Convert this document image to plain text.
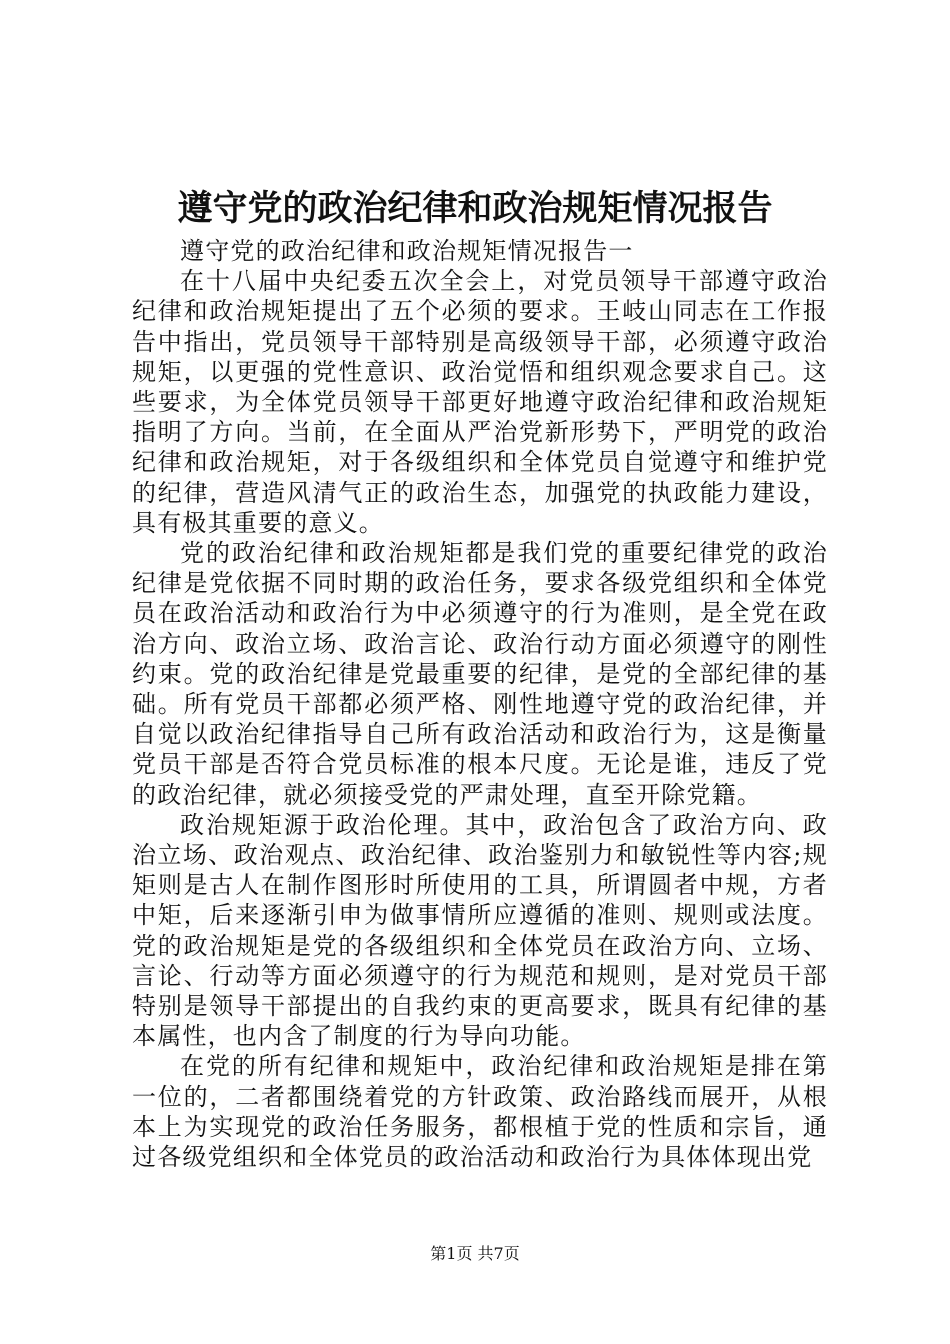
遵守党的政治纪律和政治规矩情况报告

遵守党的政治纪律和政治规矩情况报告一

在十八届中央纪委五次全会上，对党员领导干部遵守政治纪律和政治规矩提出了五个必须的要求。王岐山同志在工作报告中指出，党员领导干部特别是高级领导干部，必须遵守政治规矩，以更强的党性意识、政治觉悟和组织观念要求自己。这些要求，为全体党员领导干部更好地遵守政治纪律和政治规矩指明了方向。当前，在全面从严治党新形势下，严明党的政治纪律和政治规矩，对于各级组织和全体党员自觉遵守和维护党的纪律，营造风清气正的政治生态，加强党的执政能力建设，具有极其重要的意义。

党的政治纪律和政治规矩都是我们党的重要纪律党的政治纪律是党依据不同时期的政治任务，要求各级党组织和全体党员在政治活动和政治行为中必须遵守的行为准则，是全党在政治方向、政治立场、政治言论、政治行动方面必须遵守的刚性约束。党的政治纪律是党最重要的纪律，是党的全部纪律的基础。所有党员干部都必须严格、刚性地遵守党的政治纪律，并自觉以政治纪律指导自己所有政治活动和政治行为，这是衡量党员干部是否符合党员标准的根本尺度。无论是谁，违反了党的政治纪律，就必须接受党的严肃处理，直至开除党籍。

政治规矩源于政治伦理。其中，政治包含了政治方向、政治立场、政治观点、政治纪律、政治鉴别力和敏锐性等内容;规矩则是古人在制作图形时所使用的工具，所谓圆者中规，方者中矩，后来逐渐引申为做事情所应遵循的准则、规则或法度。党的政治规矩是党的各级组织和全体党员在政治方向、立场、言论、行动等方面必须遵守的行为规范和规则，是对党员干部特别是领导干部提出的自我约束的更高要求，既具有纪律的基本属性，也内含了制度的行为导向功能。

在党的所有纪律和规矩中，政治纪律和政治规矩是排在第一位的，二者都围绕着党的方针政策、政治路线而展开，从根本上为实现党的政治任务服务，都根植于党的性质和宗旨，通过各级党组织和全体党员的政治活动和政治行为具体体现出党

第1页 共7页
